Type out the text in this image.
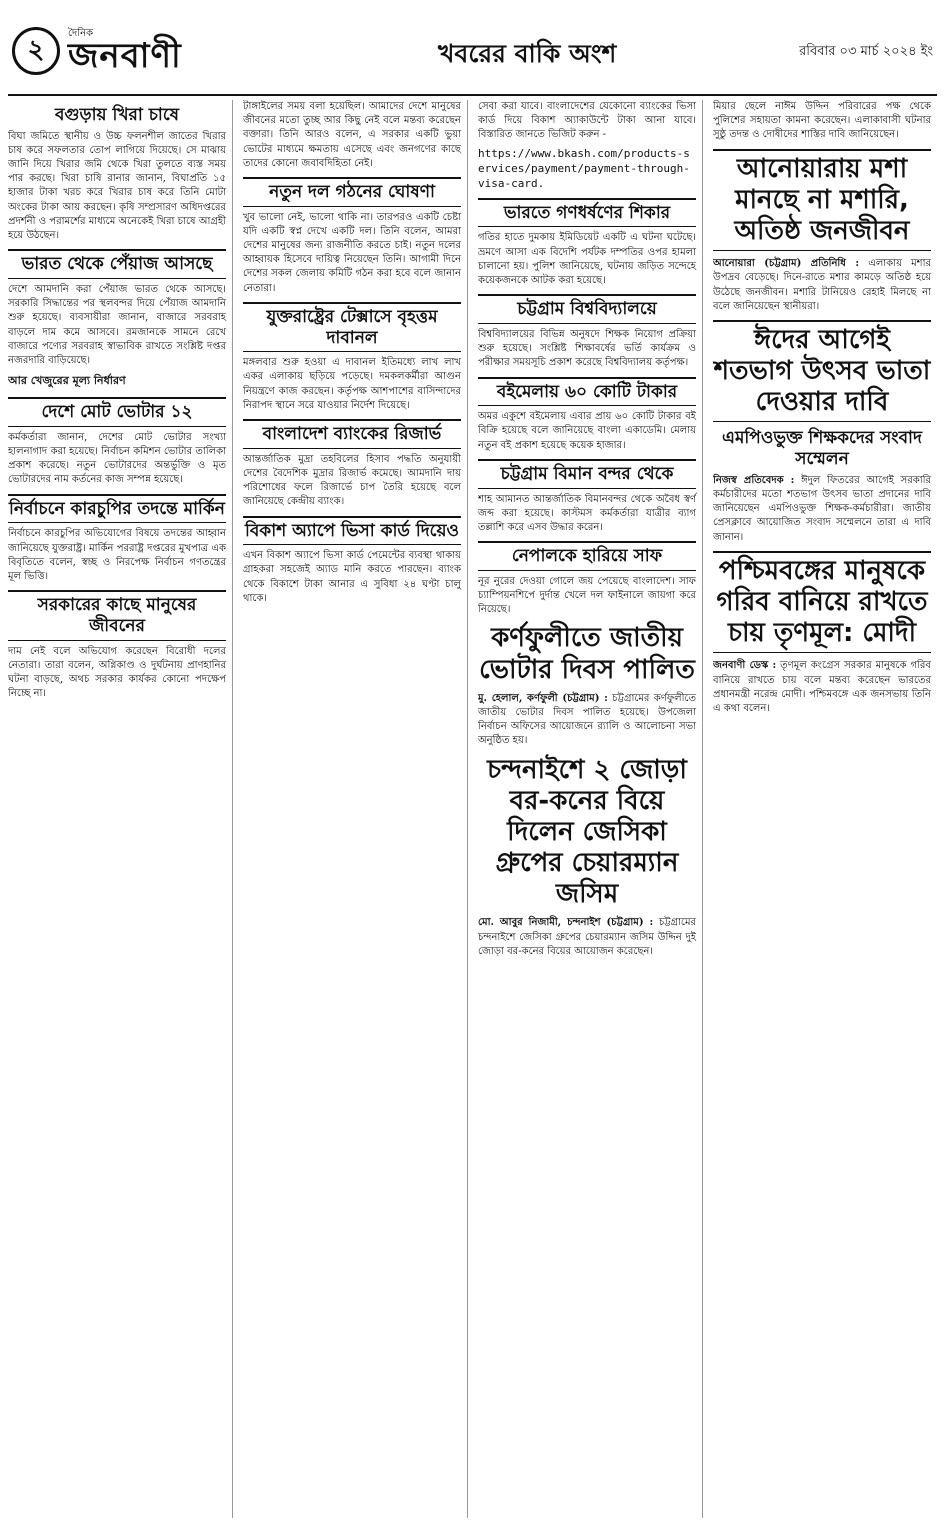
২
দৈনিক
জনবাণী	খবরের বাকি অংশ	রবিবার ০৩ মার্চ ২০২৪ ইং
বগুড়ায় খিরা চাষে

বিঘা জমিতে স্থানীয় ও উচ্চ ফলনশীল জাতের খিরার চাষ করে সফলতার তোপ লাগিয়ে দিয়েছে। সে মাঝায় জানি দিয়ে খিরার জমি থেকে খিরা তুলতে ব্যস্ত সময় পার করছে। খিরা চাষি রানার জানান, বিঘাপ্রতি ১৫ হাজার টাকা খরচ করে খিরার চাষ করে তিনি মোটা অংকের টাকা আয় করছেন। কৃষি সম্প্রসারণ অধিদপ্তরের প্রদর্শনী ও পরামর্শের মাধ্যমে অনেকেই খিরা চাষে আগ্রহী হয়ে উঠছেন।

ভারত থেকে পেঁয়াজ আসছে

দেশে আমদানি করা পেঁয়াজ ভারত থেকে আসছে। সরকারি সিদ্ধান্তের পর স্থলবন্দর দিয়ে পেঁয়াজ আমদানি শুরু হয়েছে। ব্যবসায়ীরা জানান, বাজারে সরবরাহ বাড়লে দাম কমে আসবে। রমজানকে সামনে রেখে বাজারে পণ্যের সরবরাহ স্বাভাবিক রাখতে সংশ্লিষ্ট দপ্তর নজরদারি বাড়িয়েছে।

আর খেজুরের মূল্য নির্ধারণ
দেশে মোট ভোটার ১২

কর্মকর্তারা জানান, দেশের মোট ভোটার সংখ্যা হালনাগাদ করা হয়েছে। নির্বাচন কমিশন ভোটার তালিকা প্রকাশ করেছে। নতুন ভোটারদের অন্তর্ভুক্তি ও মৃত ভোটারদের নাম কর্তনের কাজ সম্পন্ন হয়েছে।

নির্বাচনে কারচুপির তদন্তে মার্কিন

নির্বাচনে কারচুপির অভিযোগের বিষয়ে তদন্তের আহ্বান জানিয়েছে যুক্তরাষ্ট্র। মার্কিন পররাষ্ট্র দপ্তরের মুখপাত্র এক বিবৃতিতে বলেন, স্বচ্ছ ও নিরপেক্ষ নির্বাচন গণতন্ত্রের মূল ভিত্তি।

সরকারের কাছে মানুষের জীবনের

দাম নেই বলে অভিযোগ করেছেন বিরোধী দলের নেতারা। তারা বলেন, অগ্নিকাণ্ড ও দুর্ঘটনায় প্রাণহানির ঘটনা বাড়ছে, অথচ সরকার কার্যকর কোনো পদক্ষেপ নিচ্ছে না।

টাঙ্গাইলের সময় বলা হয়েছিল। আমাদের দেশে মানুষের জীবনের মতো তুচ্ছ আর কিছু নেই বলে মন্তব্য করেছেন বক্তারা। তিনি আরও বলেন, এ সরকার একটি ভুয়া ভোটের মাধ্যমে ক্ষমতায় এসেছে এবং জনগণের কাছে তাদের কোনো জবাবদিহিতা নেই।

নতুন দল গঠনের ঘোষণা

খুব ভালো নেই, ভালো থাকি না। তারপরও একটি চেষ্টা যদি একটি স্বপ্ন দেখে একটি দল। তিনি বলেন, আমরা দেশের মানুষের জন্য রাজনীতি করতে চাই। নতুন দলের আহ্বায়ক হিসেবে দায়িত্ব নিয়েছেন তিনি। আগামী দিনে দেশের সকল জেলায় কমিটি গঠন করা হবে বলে জানান নেতারা।

যুক্তরাষ্ট্রের টেক্সাসে বৃহত্তম দাবানল

মঙ্গলবার শুরু হওয়া এ দাবানল ইতিমধ্যে লাখ লাখ একর এলাকায় ছড়িয়ে পড়েছে। দমকলকর্মীরা আগুন নিয়ন্ত্রণে কাজ করছেন। কর্তৃপক্ষ আশপাশের বাসিন্দাদের নিরাপদ স্থানে সরে যাওয়ার নির্দেশ দিয়েছে।

বাংলাদেশ ব্যাংকের রিজার্ভ

আন্তর্জাতিক মুদ্রা তহবিলের হিসাব পদ্ধতি অনুযায়ী দেশের বৈদেশিক মুদ্রার রিজার্ভ কমেছে। আমদানি দায় পরিশোধের ফলে রিজার্ভে চাপ তৈরি হয়েছে বলে জানিয়েছে কেন্দ্রীয় ব্যাংক।

বিকাশ অ্যাপে ভিসা কার্ড দিয়েও

এখন বিকাশ অ্যাপে ভিসা কার্ড পেমেন্টের ব্যবস্থা থাকায় গ্রাহকরা সহজেই অ্যাড মানি করতে পারছেন। ব্যাংক থেকে বিকাশে টাকা আনার এ সুবিধা ২৪ ঘণ্টা চালু থাকে।

সেবা করা যাবে। বাংলাদেশের যেকোনো ব্যাংকের ভিসা কার্ড দিয়ে বিকাশ অ্যাকাউন্টে টাকা আনা যাবে। বিস্তারিত জানতে ভিজিট করুন -

https://www.bkash.com/products-services/payment/payment-through-visa-card.
ভারতে গণধর্ষণের শিকার

গতির হাতে দুমকায় ইমিডিয়েট একটি এ ঘটনা ঘটেছে। ভ্রমণে আসা এক বিদেশি পর্যটক দম্পতির ওপর হামলা চালানো হয়। পুলিশ জানিয়েছে, ঘটনায় জড়িত সন্দেহে কয়েকজনকে আটক করা হয়েছে।

চট্টগ্রাম বিশ্ববিদ্যালয়ে

বিশ্ববিদ্যালয়ের বিভিন্ন অনুষদে শিক্ষক নিয়োগ প্রক্রিয়া শুরু হয়েছে। সংশ্লিষ্ট শিক্ষাবর্ষের ভর্তি কার্যক্রম ও পরীক্ষার সময়সূচি প্রকাশ করেছে বিশ্ববিদ্যালয় কর্তৃপক্ষ।

বইমেলায় ৬০ কোটি টাকার

অমর একুশে বইমেলায় এবার প্রায় ৬০ কোটি টাকার বই বিক্রি হয়েছে বলে জানিয়েছে বাংলা একাডেমি। মেলায় নতুন বই প্রকাশ হয়েছে কয়েক হাজার।

চট্টগ্রাম বিমান বন্দর থেকে

শাহ আমানত আন্তর্জাতিক বিমানবন্দর থেকে অবৈধ স্বর্ণ জব্দ করা হয়েছে। কাস্টমস কর্মকর্তারা যাত্রীর ব্যাগ তল্লাশি করে এসব উদ্ধার করেন।

নেপালকে হারিয়ে সাফ

নূর নুরের দেওয়া গোলে জয় পেয়েছে বাংলাদেশ। সাফ চ্যাম্পিয়নশিপে দুর্দান্ত খেলে দল ফাইনালে জায়গা করে নিয়েছে।

কর্ণফুলীতে জাতীয় ভোটার দিবস পালিত

মু. হেলাল, কর্ণফুলী (চট্টগ্রাম) : চট্টগ্রামের কর্ণফুলীতে জাতীয় ভোটার দিবস পালিত হয়েছে। উপজেলা নির্বাচন অফিসের আয়োজনে র‍্যালি ও আলোচনা সভা অনুষ্ঠিত হয়।

চন্দনাইশে ২ জোড়া বর-কনের বিয়ে দিলেন জেসিকা গ্রুপের চেয়ারম্যান জসিম

মো. আবুর নিজামী, চন্দনাইশ (চট্টগ্রাম) : চট্টগ্রামের চন্দনাইশে জেসিকা গ্রুপের চেয়ারম্যান জসিম উদ্দিন দুই জোড়া বর-কনের বিয়ের আয়োজন করেছেন।

মিয়ার ছেলে নাঈম উদ্দিন পরিবারের পক্ষ থেকে পুলিশের সহায়তা কামনা করেছেন। এলাকাবাসী ঘটনার সুষ্ঠু তদন্ত ও দোষীদের শাস্তির দাবি জানিয়েছেন।

আনোয়ারায় মশা মানছে না মশারি, অতিষ্ঠ জনজীবন

আনোয়ারা (চট্টগ্রাম) প্রতিনিধি : এলাকায় মশার উপদ্রব বেড়েছে। দিনে-রাতে মশার কামড়ে অতিষ্ঠ হয়ে উঠেছে জনজীবন। মশারি টানিয়েও রেহাই মিলছে না বলে জানিয়েছেন স্থানীয়রা।

ঈদের আগেই শতভাগ উৎসব ভাতা দেওয়ার দাবি
এমপিওভুক্ত শিক্ষকদের সংবাদ সম্মেলন

নিজস্ব প্রতিবেদক : ঈদুল ফিতরের আগেই সরকারি কর্মচারীদের মতো শতভাগ উৎসব ভাতা প্রদানের দাবি জানিয়েছেন এমপিওভুক্ত শিক্ষক-কর্মচারীরা। জাতীয় প্রেসক্লাবে আয়োজিত সংবাদ সম্মেলনে তারা এ দাবি জানান।

পশ্চিমবঙ্গের মানুষকে গরিব বানিয়ে রাখতে চায় তৃণমূল: মোদী

জনবাণী ডেস্ক : তৃণমূল কংগ্রেস সরকার মানুষকে গরিব বানিয়ে রাখতে চায় বলে মন্তব্য করেছেন ভারতের প্রধানমন্ত্রী নরেন্দ্র মোদী। পশ্চিমবঙ্গে এক জনসভায় তিনি এ কথা বলেন।
